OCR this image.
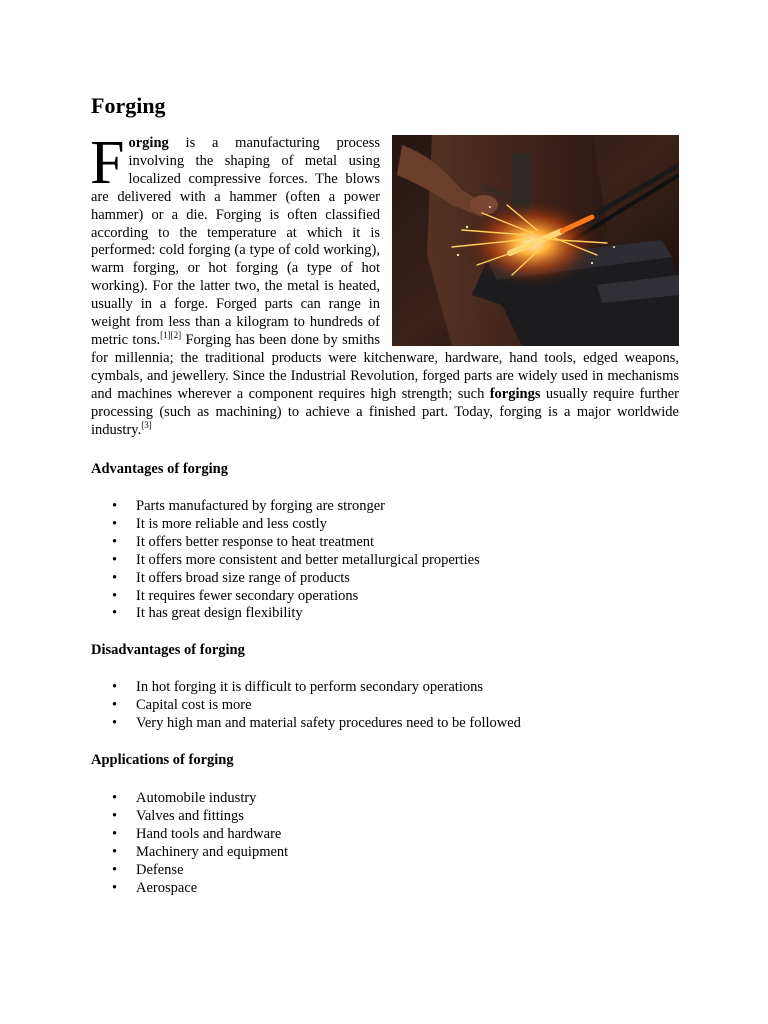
Forging
Forging is a manufacturing process involving the shaping of metal using localized compressive forces. The blows are delivered with a hammer (often a power hammer) or a die. Forging is often classified according to the temperature at which it is performed: cold forging (a type of cold working), warm forging, or hot forging (a type of hot working). For the latter two, the metal is heated, usually in a forge. Forged parts can range in weight from less than a kilogram to hundreds of metric tons.[1][2] Forging has been done by smiths for millennia; the traditional products were kitchenware, hardware, hand tools, edged weapons, cymbals, and jewellery. Since the Industrial Revolution, forged parts are widely used in mechanisms and machines wherever a component requires high strength; such forgings usually require further processing (such as machining) to achieve a finished part. Today, forging is a major worldwide industry.[3]
Advantages of forging
• Parts manufactured by forging are stronger
• It is more reliable and less costly
• It offers better response to heat treatment
• It offers more consistent and better metallurgical properties
• It offers broad size range of products
• It requires fewer secondary operations
• It has great design flexibility
Disadvantages of forging
• In hot forging it is difficult to perform secondary operations
• Capital cost is more
• Very high man and material safety procedures need to be followed
Applications of forging
• Automobile industry
• Valves and fittings
• Hand tools and hardware
• Machinery and equipment
• Defense
• Aerospace
